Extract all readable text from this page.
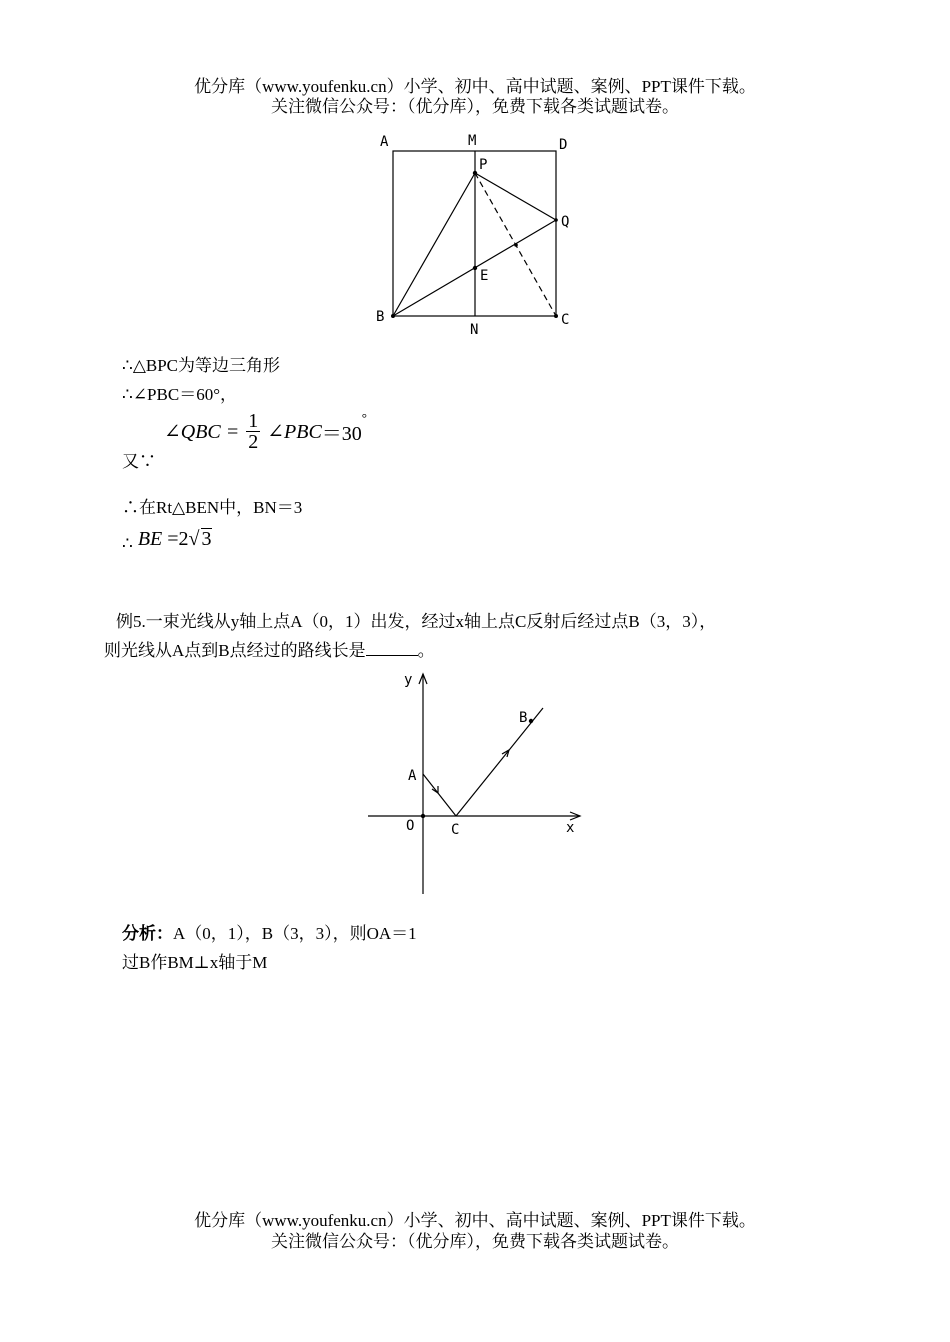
优分库（www.youfenku.cn）小学、初中、高中试题、案例、PPT课件下载。
关注微信公众号：（优分库），免费下载各类试题试卷。
A	M	D
P
Q
E
B
N
C
∴△BPC为等边三角形
∴∠PBC＝60°，
又∵
∠QBC = $\frac{1}{2}$ ∠PBC＝30°
∴在Rt△BEN中，BN＝3
$_\therefore$ BE =2√ 3
例5.一束光线从y轴上点A（0，1）出发，经过x轴上点C反射后经过点B（3，3），
则光线从A点到B点经过的路线长是	。
y
x
O
A
B
C
分析：A（0，1），B（3，3），则OA＝1
过B作BM⊥x轴于M
优分库（www.youfenku.cn）小学、初中、高中试题、案例、PPT课件下载。
关注微信公众号：（优分库），免费下载各类试题试卷。
